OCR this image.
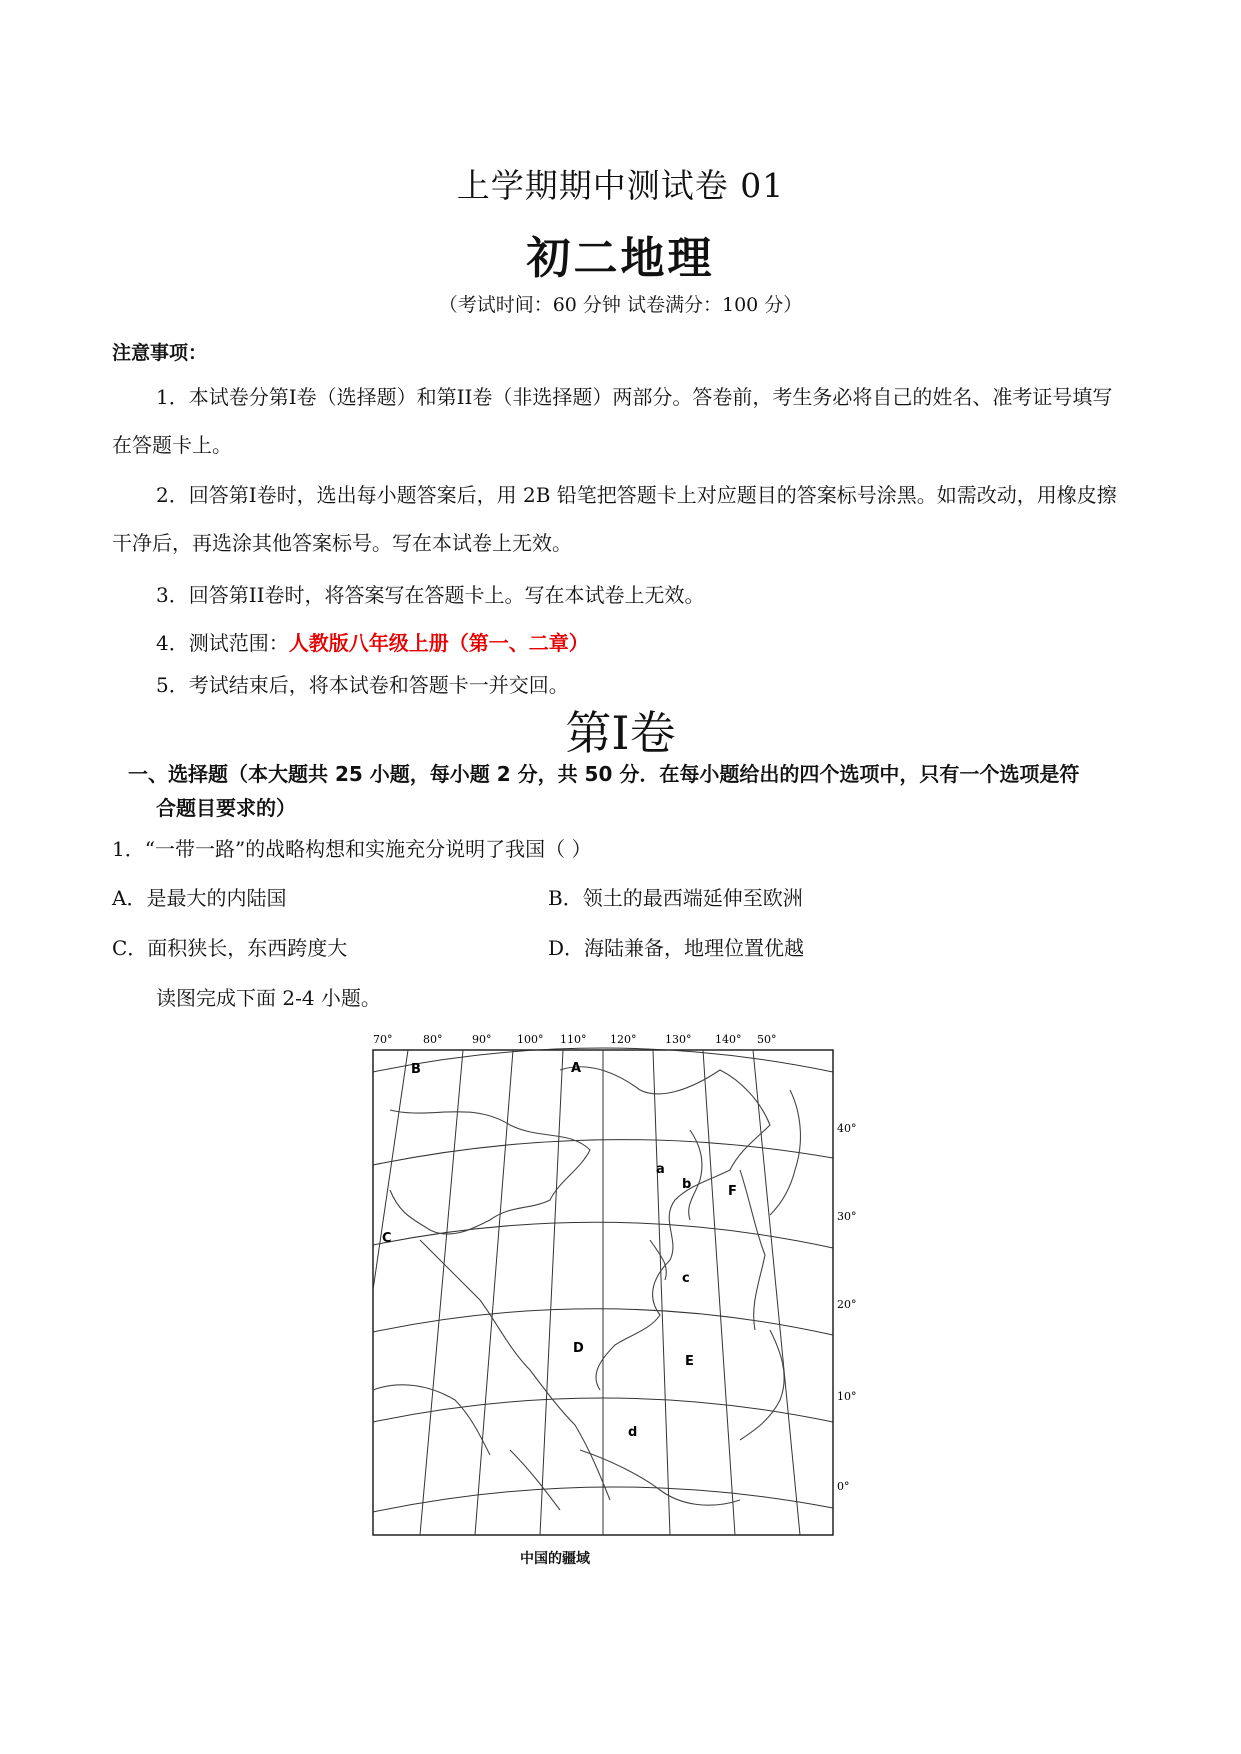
上学期期中测试卷 01
初二地理
（考试时间：60 分钟 试卷满分：100 分）
注意事项：

1．本试卷分第I卷（选择题）和第II卷（非选择题）两部分。答卷前，考生务必将自己的姓名、准考证号填写在答题卡上。

2．回答第I卷时，选出每小题答案后，用 2B 铅笔把答题卡上对应题目的答案标号涂黑。如需改动，用橡皮擦干净后，再选涂其他答案标号。写在本试卷上无效。

3．回答第II卷时，将答案写在答题卡上。写在本试卷上无效。

4．测试范围：人教版八年级上册（第一、二章）

5．考试结束后，将本试卷和答题卡一并交回。

第I卷
一、选择题（本大题共 25 小题，每小题 2 分，共 50 分．在每小题给出的四个选项中，只有一个选项是符
合题目要求的）
1．“一带一路”的战略构想和实施充分说明了我国（ ）
A．是最大的内陆国	B．领土的最西端延伸至欧洲
C．面积狭长，东西跨度大	D．海陆兼备，地理位置优越
读图完成下面 2-4 小题。
70°	80°	90° 100° 110° 120°	130° 140° 50°
40°
30°
20°
10°
0°
A
B
C
D
E
F
a
b
c
d
中国的疆域
